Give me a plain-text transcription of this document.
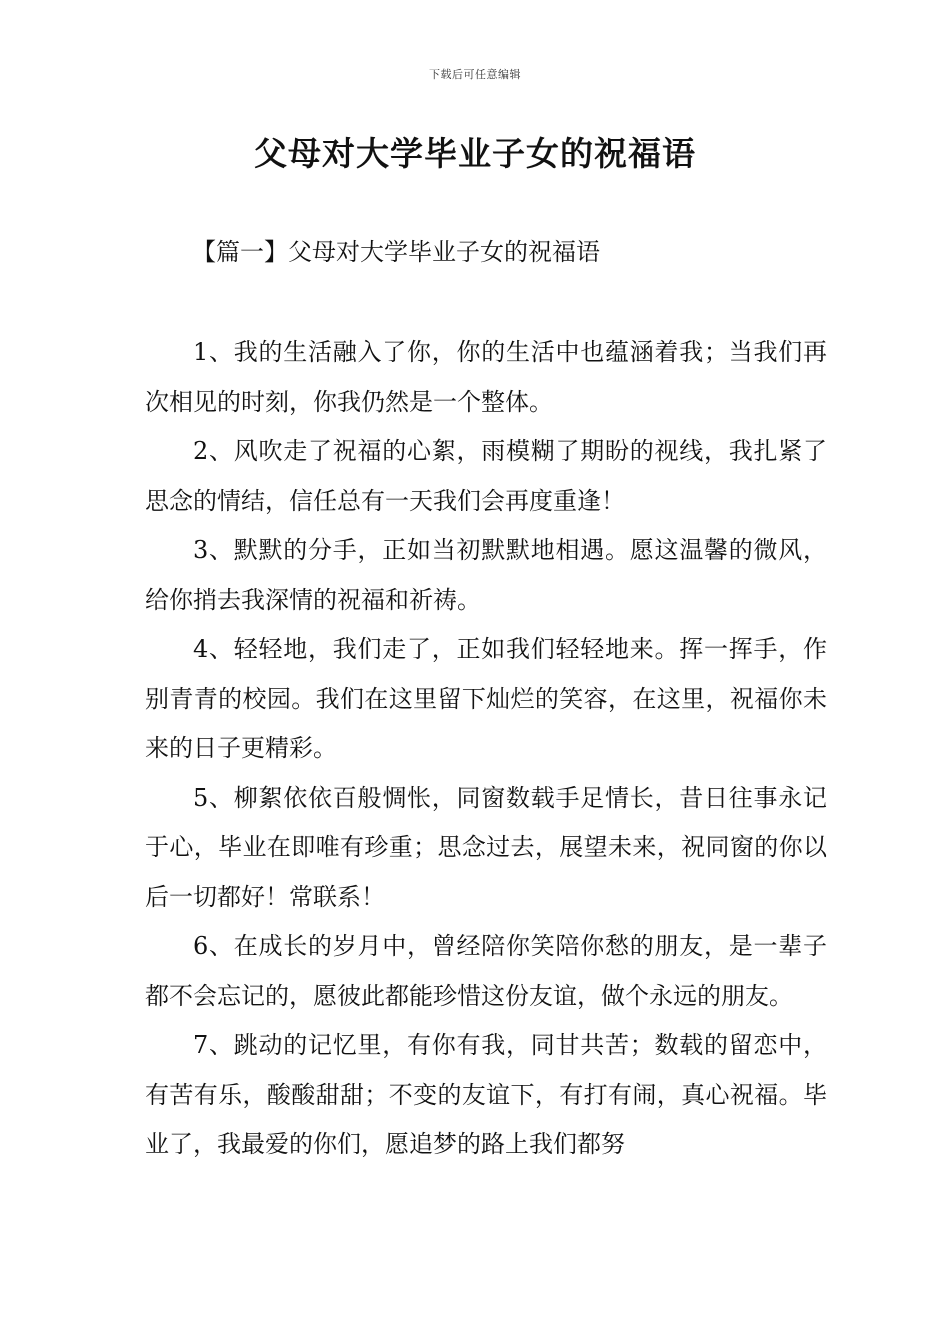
下载后可任意编辑
父母对大学毕业子女的祝福语
【篇一】父母对大学毕业子女的祝福语

1、我的生活融入了你，你的生活中也蕴涵着我；当我们再次相见的时刻，你我仍然是一个整体。

2、风吹走了祝福的心絮，雨模糊了期盼的视线，我扎紧了思念的情结，信任总有一天我们会再度重逢！

3、默默的分手，正如当初默默地相遇。愿这温馨的微风，给你捎去我深情的祝福和祈祷。

4、轻轻地，我们走了，正如我们轻轻地来。挥一挥手，作别青青的校园。我们在这里留下灿烂的笑容，在这里，祝福你未来的日子更精彩。

5、柳絮依依百般惆怅，同窗数载手足情长，昔日往事永记于心，毕业在即唯有珍重；思念过去，展望未来，祝同窗的你以后一切都好！常联系！

6、在成长的岁月中，曾经陪你笑陪你愁的朋友，是一辈子都不会忘记的，愿彼此都能珍惜这份友谊，做个永远的朋友。

7、跳动的记忆里，有你有我，同甘共苦；数载的留恋中，有苦有乐，酸酸甜甜；不变的友谊下，有打有闹，真心祝福。毕业了，我最爱的你们，愿追梦的路上我们都努
